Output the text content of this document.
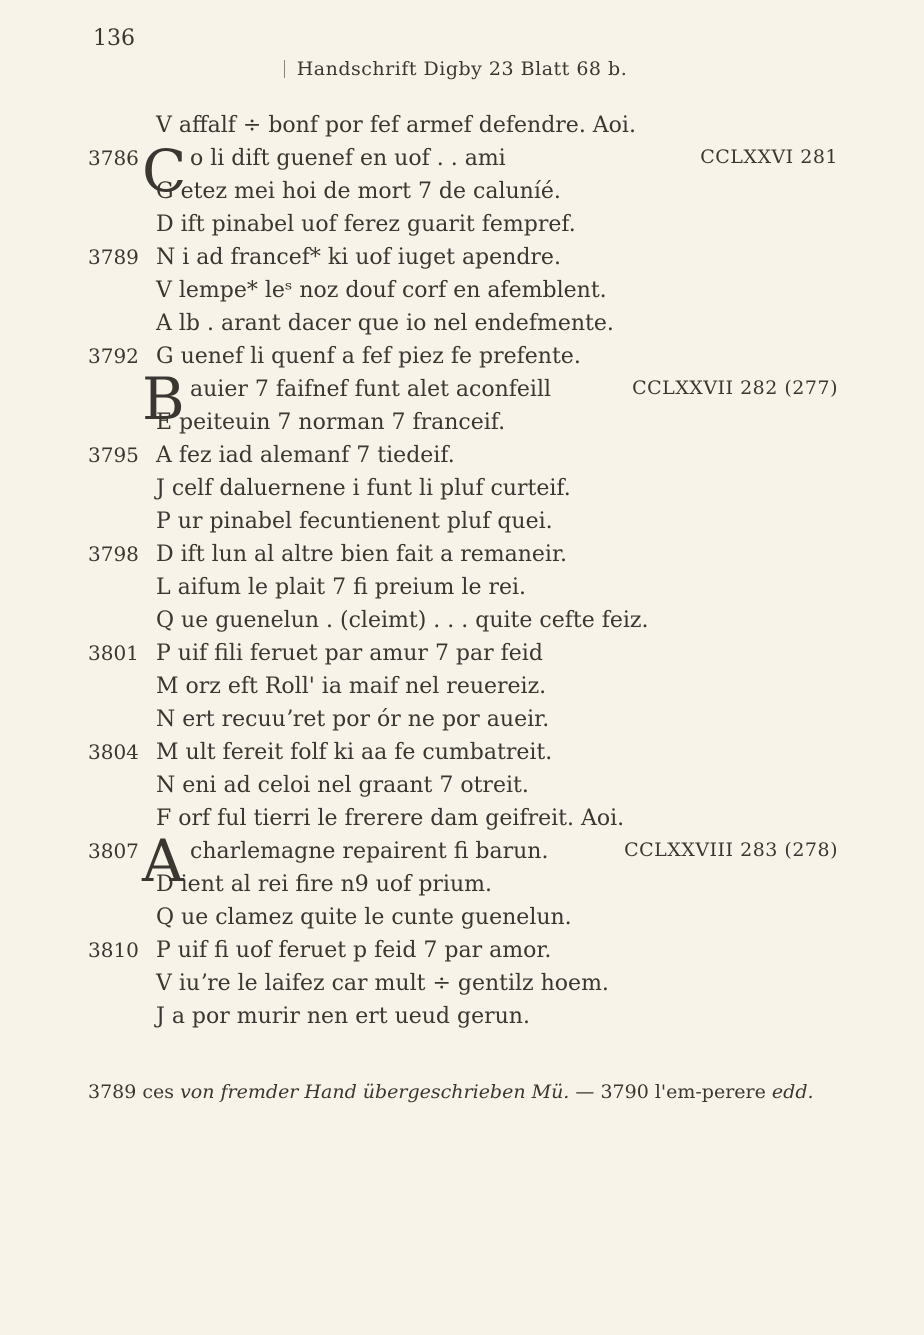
136
Handschrift Digby 23 Blatt 68 b.
V affalf ÷ bonf por fef armef defendre. Aoi.
3786 o li dift guenef en uof . . ami	CCLXXVI 281
G etez mei hoi de mort 7 de caluníé.
D ift pinabel uof ferez guarit fempref.
3789 N i ad francef* ki uof iuget apendre.
V lempe* leˢ noz douf corf en afemblent.
A lb . arant dacer que io nel endefmente.
3792 G uenef li quenf a fef piez fe prefente.
auier 7 faifnef funt alet aconfeill	CCLXXVII 282 (277)
E peiteuin 7 norman 7 franceif.
3795 A fez iad alemanf 7 tiedeif.
J celf daluernene i funt li pluf curteif.
P ur pinabel fecuntienent pluf quei.
3798 D ift lun al altre bien fait a remaneir.
L aifum le plait 7 fi preium le rei.
Q ue guenelun . (cleimt) . . . quite cefte feiz.
3801 P uif fili feruet par amur 7 par feid
M orz eft Roll' ia maif nel reuereiz.
N ert recuuʼret por ór ne por aueir.
3804 M ult fereit folf ki aa fe cumbatreit.
N eni ad celoi nel graant 7 otreit.
F orf ful tierri le frerere dam geifreit. Aoi.
3807 charlemagne repairent fi barun.	CCLXXVIII 283 (278)
D ient al rei fire n9 uof prium.
Q ue clamez quite le cunte guenelun.
3810 P uif fi uof feruet p feid 7 par amor.
V iuʼre le laifez car mult ÷ gentilz hoem.
J a por murir nen ert ueud gerun.
C
B
A
3789 ces von fremder Hand übergeschrieben Mü. — 3790 l'em-perere edd.
